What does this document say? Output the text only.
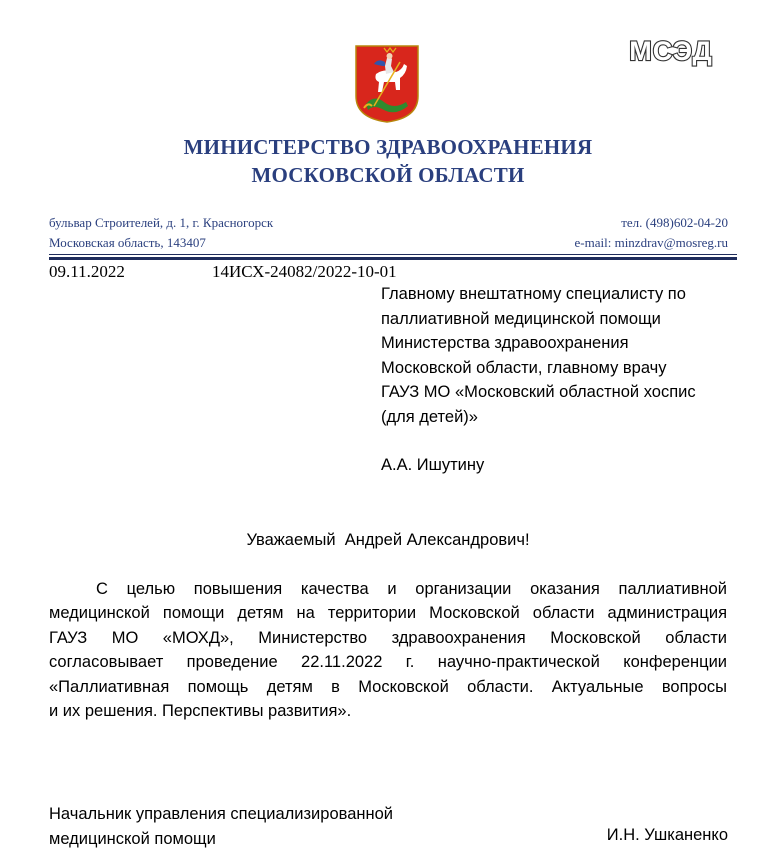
МСЭД
МИНИСТЕРСТВО ЗДРАВООХРАНЕНИЯ
МОСКОВСКОЙ ОБЛАСТИ
бульвар Строителей, д. 1, г. Красногорск
Московская область, 143407
тел. (498)602-04-20
e-mail: minzdrav@mosreg.ru
09.11.2022	14ИСХ-24082/2022-10-01
Главному внештатному специалисту по
паллиативной медицинской помощи
Министерства здравоохранения
Московской области, главному врачу
ГАУЗ МО «Московский областной хоспис
(для детей)»
А.А. Ишутину
Уважаемый  Андрей Александрович!
С целью повышения качества и организации оказания паллиативной
медицинской помощи детям на территории Московской области администрация
ГАУЗ МО «МОХД», Министерство здравоохранения Московской области
согласовывает проведение 22.11.2022 г. научно-практической конференции
«Паллиативная помощь детям в Московской области. Актуальные вопросы
и их решения. Перспективы развития».
Начальник управления специализированной
медицинской помощи	И.Н. Ушканенко
